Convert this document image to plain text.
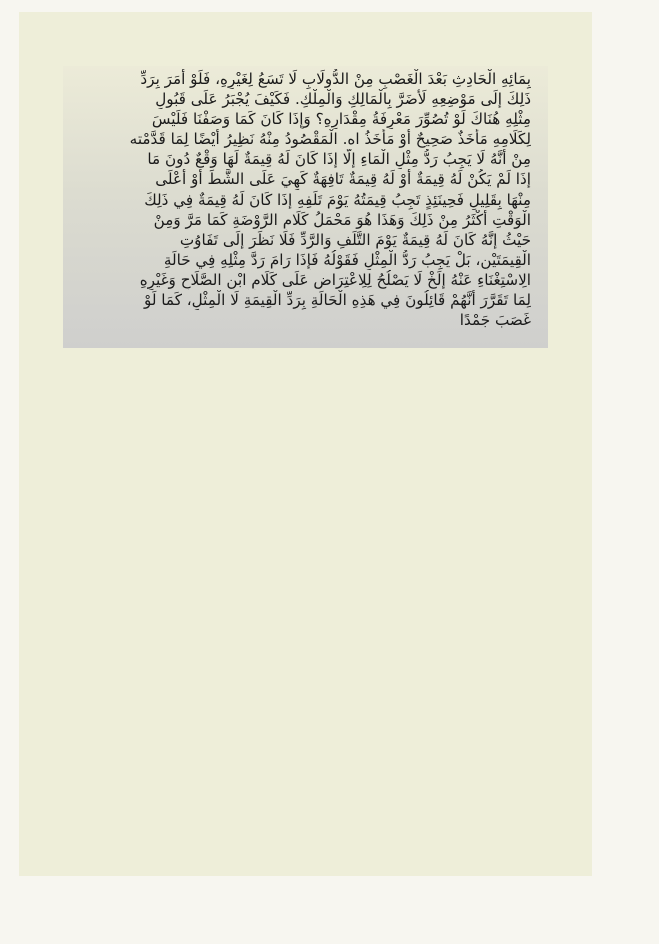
بِمَائِهِ الْحَادِثِ بَعْدَ الْغَصْبِ مِنْ الدُّولَابِ لَا تَسَعُ لِغَيْرِهِ، فَلَوْ أَمَرَ بِرَدِّ
ذَلِكَ إلَى مَوْضِعِهِ لَأَضَرَّ بِالْمَالِكِ وَالْمِلْكِ. فَكَيْفَ يُجْبَرُ عَلَى قَبُولِ
مِثْلِهِ هُنَاكَ لَوْ تُصُوِّرَ مَعْرِفَةُ مِقْدَارِهِ؟ وَإِذَا كَانَ كَمَا وَصَفْنَا فَلَيْسَ
لِكَلَامِهِ مَأْخَذٌ صَحِيحٌ أَوْ مَأْخَذُ اه. الْمَقْصُودُ مِنْهُ نَظِيرُ أَيْضًا لِمَا قَدَّمْته
مِنْ أَنَّهُ لَا يَجِبُ رَدُّ مِثْلِ الْمَاءِ إلَّا إذَا كَانَ لَهُ قِيمَةٌ لَهَا وَقْعٌ دُونَ مَا
إذَا لَمْ يَكُنْ لَهُ قِيمَةٌ أَوْ لَهُ قِيمَةٌ تَافِهَةٌ كَهِيَ عَلَى الشَّطِّ أَوْ أَعْلَى
مِنْهَا بِقَلِيلٍ فَحِينَئِذٍ تَجِبُ قِيمَتُهُ يَوْمَ تَلَفِهِ إذَا كَانَ لَهُ قِيمَةٌ فِي ذَلِكَ
الْوَقْتِ أَكْثَرُ مِنْ ذَلِكَ وَهَذَا هُوَ مَحْمَلُ كَلَامِ الرَّوْضَةِ كَمَا مَرَّ وَمِنْ
حَيْثُ إنَّهُ كَانَ لَهُ قِيمَةٌ يَوْمَ التَّلَفِ وَالرَّدِّ فَلَا نَظَرَ إلَى تَفَاوُتِ
الْقِيمَتَيْنِ، بَلْ يَجِبُ رَدُّ الْمِثْلِ فَقَوْلُهُ فَإِذَا رَامَ رَدَّ مِثْلِهِ فِي حَالَةِ
الِاسْتِغْنَاءِ عَنْهُ إلَخْ لَا يَصْلُحُ لِلِاعْتِرَاضِ عَلَى كَلَامِ ابْنِ الصَّلَاحِ وَغَيْرِهِ
لِمَا تَقَرَّرَ أَنَّهُمْ قَائِلُونَ فِي هَذِهِ الْحَالَةِ بِرَدِّ الْقِيمَةِ لَا الْمِثْلِ، كَمَا لَوْ
غَصَبَ جَمْدًا
